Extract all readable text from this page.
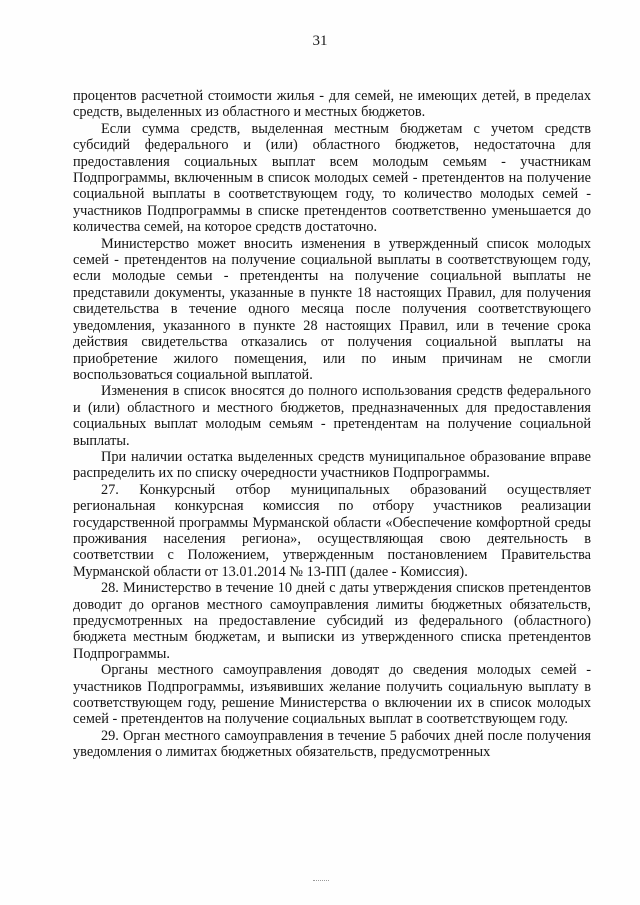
31

процентов расчетной стоимости жилья - для семей, не имеющих детей, в пределах средств, выделенных из областного и местных бюджетов.

Если сумма средств, выделенная местным бюджетам с учетом средств субсидий федерального и (или) областного бюджетов, недостаточна для предоставления социальных выплат всем молодым семьям - участникам Подпрограммы, включенным в список молодых семей - претендентов на получение социальной выплаты в соответствующем году, то количество молодых семей - участников Подпрограммы в списке претендентов соответственно уменьшается до количества семей, на которое средств достаточно.

Министерство может вносить изменения в утвержденный список молодых семей - претендентов на получение социальной выплаты в соответствующем году, если молодые семьи - претенденты на получение социальной выплаты не представили документы, указанные в пункте 18 настоящих Правил, для получения свидетельства в течение одного месяца после получения соответствующего уведомления, указанного в пункте 28 настоящих Правил, или в течение срока действия свидетельства отказались от получения социальной выплаты на приобретение жилого помещения, или по иным причинам не смогли воспользоваться социальной выплатой.

Изменения в список вносятся до полного использования средств федерального и (или) областного и местного бюджетов, предназначенных для предоставления социальных выплат молодым семьям - претендентам на получение социальной выплаты.

При наличии остатка выделенных средств муниципальное образование вправе распределить их по списку очередности участников Подпрограммы.

27. Конкурсный отбор муниципальных образований осуществляет региональная конкурсная комиссия по отбору участников реализации государственной программы Мурманской области «Обеспечение комфортной среды проживания населения региона», осуществляющая свою деятельность в соответствии с Положением, утвержденным постановлением Правительства Мурманской области от 13.01.2014 № 13-ПП (далее - Комиссия).

28. Министерство в течение 10 дней с даты утверждения списков претендентов доводит до органов местного самоуправления лимиты бюджетных обязательств, предусмотренных на предоставление субсидий из федерального (областного) бюджета местным бюджетам, и выписки из утвержденного списка претендентов Подпрограммы.

Органы местного самоуправления доводят до сведения молодых семей - участников Подпрограммы, изъявивших желание получить социальную выплату в соответствующем году, решение Министерства о включении их в список молодых семей - претендентов на получение социальных выплат в соответствующем году.

29. Орган местного самоуправления в течение 5 рабочих дней после получения уведомления о лимитах бюджетных обязательств, предусмотренных
